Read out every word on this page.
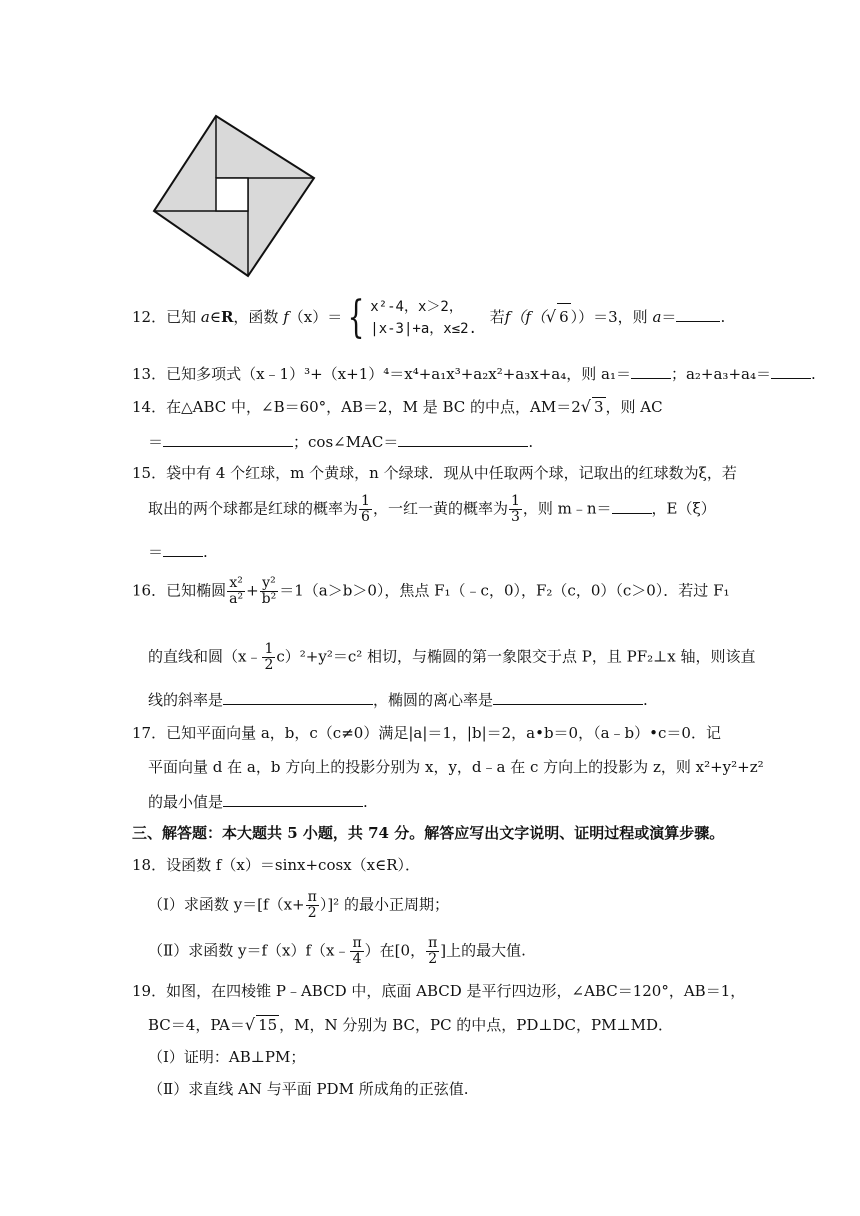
12．已知 a∈R，函数 f（x）＝ { x²-4，x＞2，
|x-3|+a，x≤2.
若f（f（√ 6 ））＝3，则 a＝	.
13．已知多项式（x﹣1）³+（x+1）⁴＝x⁴+a₁x³+a₂x²+a₃x+a₄，则 a₁＝	；a₂+a₃+a₄＝	.
14．在△ABC 中，∠B＝60°，AB＝2，M 是 BC 的中点，AM＝2√ 3 ，则 AC
＝	；cos∠MAC＝	.
15．袋中有 4 个红球，m 个黄球，n 个绿球．现从中任取两个球，记取出的红球数为ξ，若
取出的两个球都是红球的概率为 $\frac{1}{6}$ ，一红一黄的概率为 $\frac{1}{3}$ ，则 m﹣n＝	，E（ξ）
＝	.
16．已知椭圆 $\frac{\text{x²}}{\text{a²}} + \frac{\text{y²}}{\text{b²}} =1(a>b>0)$，焦点 F₁（﹣c，0），F₂（c，0）（c＞0）．若过 F₁
的直线和圆（x﹣ $\frac{1}{2} c)^2+y^2=c^2$ 相切，与椭圆的第一象限交于点 P，且 PF₂⊥x 轴，则该直
线的斜率是	，椭圆的离心率是	.
17．已知平面向量 a，b，c（c≠0）满足|a|＝1，|b|＝2，a•b＝0，（a﹣b）•c＝0．记
平面向量 d 在 a，b 方向上的投影分别为 x，y，d﹣a 在 c 方向上的投影为 z，则 x²+y²+z²
的最小值是	.
三、解答题：本大题共 5 小题，共 74 分。解答应写出文字说明、证明过程或演算步骤。
18．设函数 f（x）＝sinx+cosx（x∈R）．
（Ⅰ）求函数 $y=[f(x+ \frac{\pi}{2} )]^2$ 的最小正周期；
（Ⅱ）求函数 y＝f（x）f（x﹣ $\frac{\pi}{4}$ ）在[0， $\frac{\pi}{2}$ ]上的最大值.
19．如图，在四棱锥 P﹣ABCD 中，底面 ABCD 是平行四边形，∠ABC＝120°，AB＝1，
BC＝4，PA＝√ 15 ，M，N 分别为 BC，PC 的中点，PD⊥DC，PM⊥MD．
（Ⅰ）证明：AB⊥PM；
（Ⅱ）求直线 AN 与平面 PDM 所成角的正弦值.
